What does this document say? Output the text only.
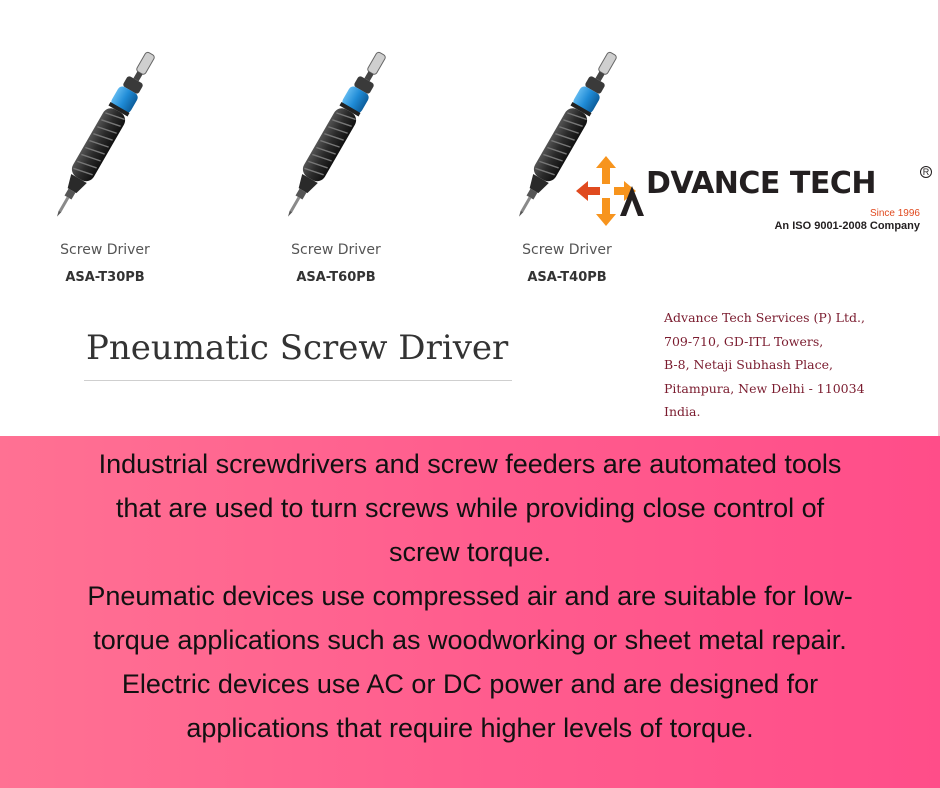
Screw Driver
ASA-T30PB
Screw Driver
ASA-T60PB
Screw Driver
ASA-T40PB
Pneumatic Screw Driver
DVANCE TECH	R
Since 1996
An ISO 9001-2008 Company
Advance Tech Services (P) Ltd.,
709-710, GD-ITL Towers,
B-8, Netaji Subhash Place,
Pitampura, New Delhi - 110034
India.
Industrial screwdrivers and screw feeders are automated tools
that are used to turn screws while providing close control of
screw torque.
Pneumatic devices use compressed air and are suitable for low-
torque applications such as woodworking or sheet metal repair.
Electric devices use AC or DC power and are designed for
applications that require higher levels of torque.
